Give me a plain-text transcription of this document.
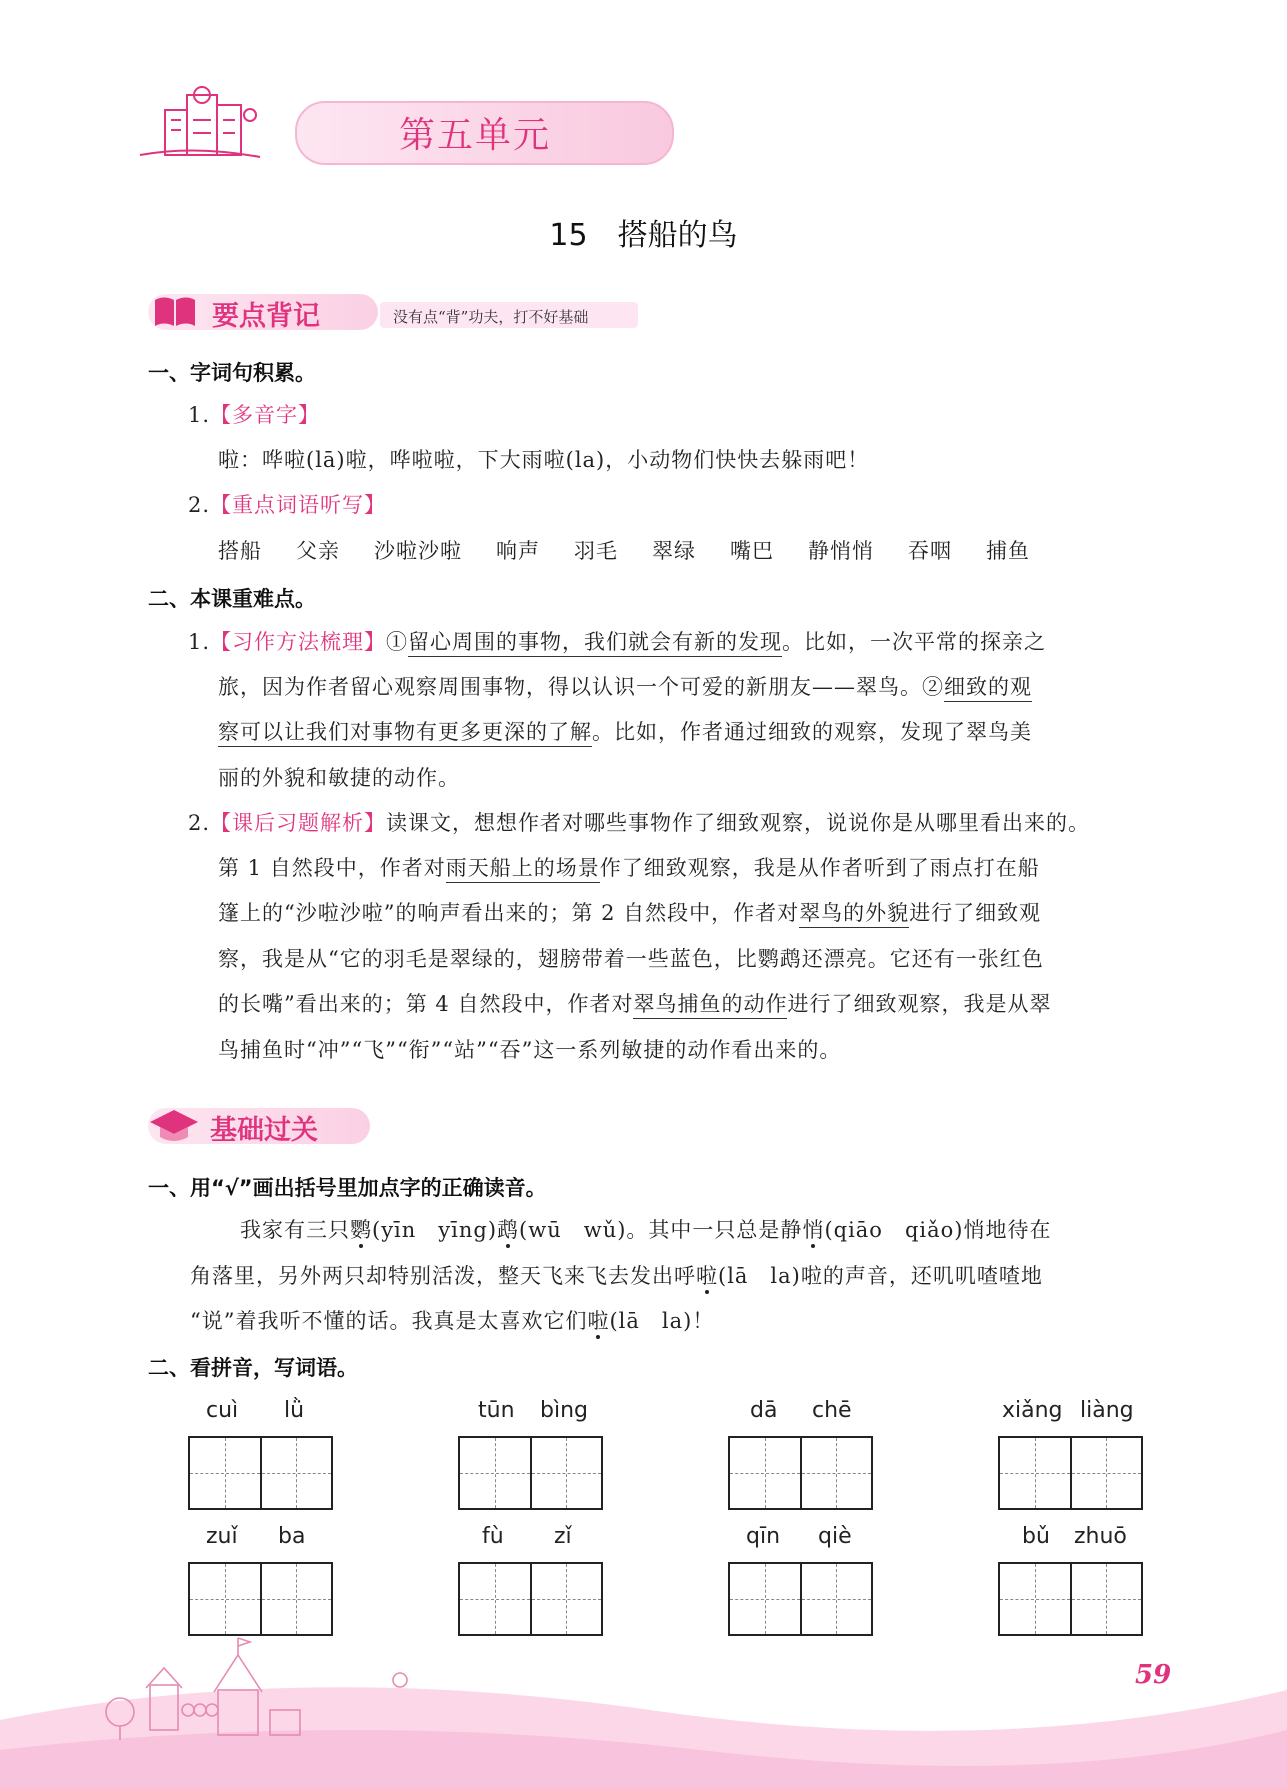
第五单元
15　搭船的鸟
要点背记	没有点“背”功夫，打不好基础
一、字词句积累。
1.【多音字】
啦：哗啦(lā)啦，哗啦啦，下大雨啦(la)，小动物们快快去躲雨吧！
2.【重点词语听写】
搭船 父亲 沙啦沙啦 响声 羽毛 翠绿 嘴巴 静悄悄 吞咽 捕鱼
二、本课重难点。
1.【习作方法梳理】①留心周围的事物，我们就会有新的发现。比如，一次平常的探亲之
旅，因为作者留心观察周围事物，得以认识一个可爱的新朋友——翠鸟。②细致的观
察可以让我们对事物有更多更深的了解。比如，作者通过细致的观察，发现了翠鸟美
丽的外貌和敏捷的动作。
2.【课后习题解析】读课文，想想作者对哪些事物作了细致观察，说说你是从哪里看出来的。
第 1 自然段中，作者对雨天船上的场景作了细致观察，我是从作者听到了雨点打在船
篷上的“沙啦沙啦”的响声看出来的；第 2 自然段中，作者对翠鸟的外貌进行了细致观
察，我是从“它的羽毛是翠绿的，翅膀带着一些蓝色，比鹦鹉还漂亮。它还有一张红色
的长嘴”看出来的；第 4 自然段中，作者对翠鸟捕鱼的动作进行了细致观察，我是从翠
鸟捕鱼时“冲”“飞”“衔”“站”“吞”这一系列敏捷的动作看出来的。
基础过关
一、用“√”画出括号里加点字的正确读音。
我家有三只鹦(yīn　yīng)鹉(wū　wǔ)。其中一只总是静悄(qiāo　qiǎo)悄地待在
角落里，另外两只却特别活泼，整天飞来飞去发出呼啦(lā　la)啦的声音，还叽叽喳喳地
“说”着我听不懂的话。我真是太喜欢它们啦(lā　la)！
二、看拼音，写词语。
cuì lǜ	tūn bìng	dā chē	xiǎng liàng
zuǐ ba	fù zǐ	qīn qiè	bǔ zhuō
59
